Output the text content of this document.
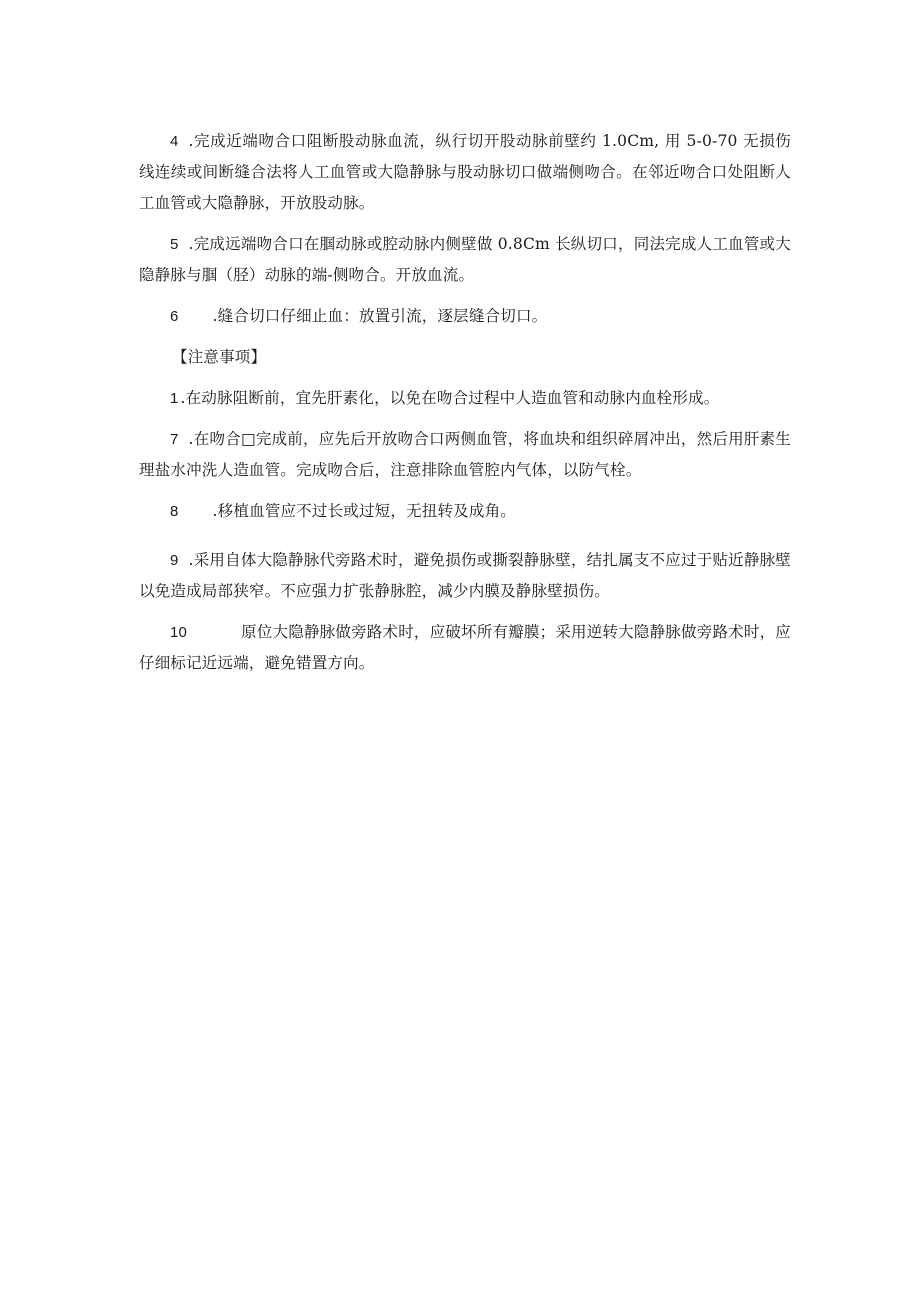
4 .完成近端吻合口阻断股动脉血流，纵行切开股动脉前壁约 1.0Cm, 用 5-0-70 无损伤线连续或间断缝合法将人工血管或大隐静脉与股动脉切口做端侧吻合。在邻近吻合口处阻断人工血管或大隐静脉，开放股动脉。

5 .完成远端吻合口在腘动脉或腔动脉内侧壁做 0.8Cm 长纵切口，同法完成人工血管或大隐静脉与腘（胫）动脉的端-侧吻合。开放血流。

6 .缝合切口仔细止血：放置引流，逐层缝合切口。

【注意事项】

1 .在动脉阻断前，宜先肝素化，以免在吻合过程中人造血管和动脉内血栓形成。

7 .在吻合□完成前，应先后开放吻合口两侧血管，将血块和组织碎屑冲出，然后用肝素生理盐水冲洗人造血管。完成吻合后，注意排除血管腔内气体，以防气栓。

8 .移植血管应不过长或过短，无扭转及成角。

9 .采用自体大隐静脉代旁路术时，避免损伤或撕裂静脉壁，结扎属支不应过于贴近静脉壁以免造成局部狭窄。不应强力扩张静脉腔，减少内膜及静脉壁损伤。

10	原位大隐静脉做旁路术时，应破坏所有瓣膜；采用逆转大隐静脉做旁路术时，应仔细标记近远端，避免错置方向。
